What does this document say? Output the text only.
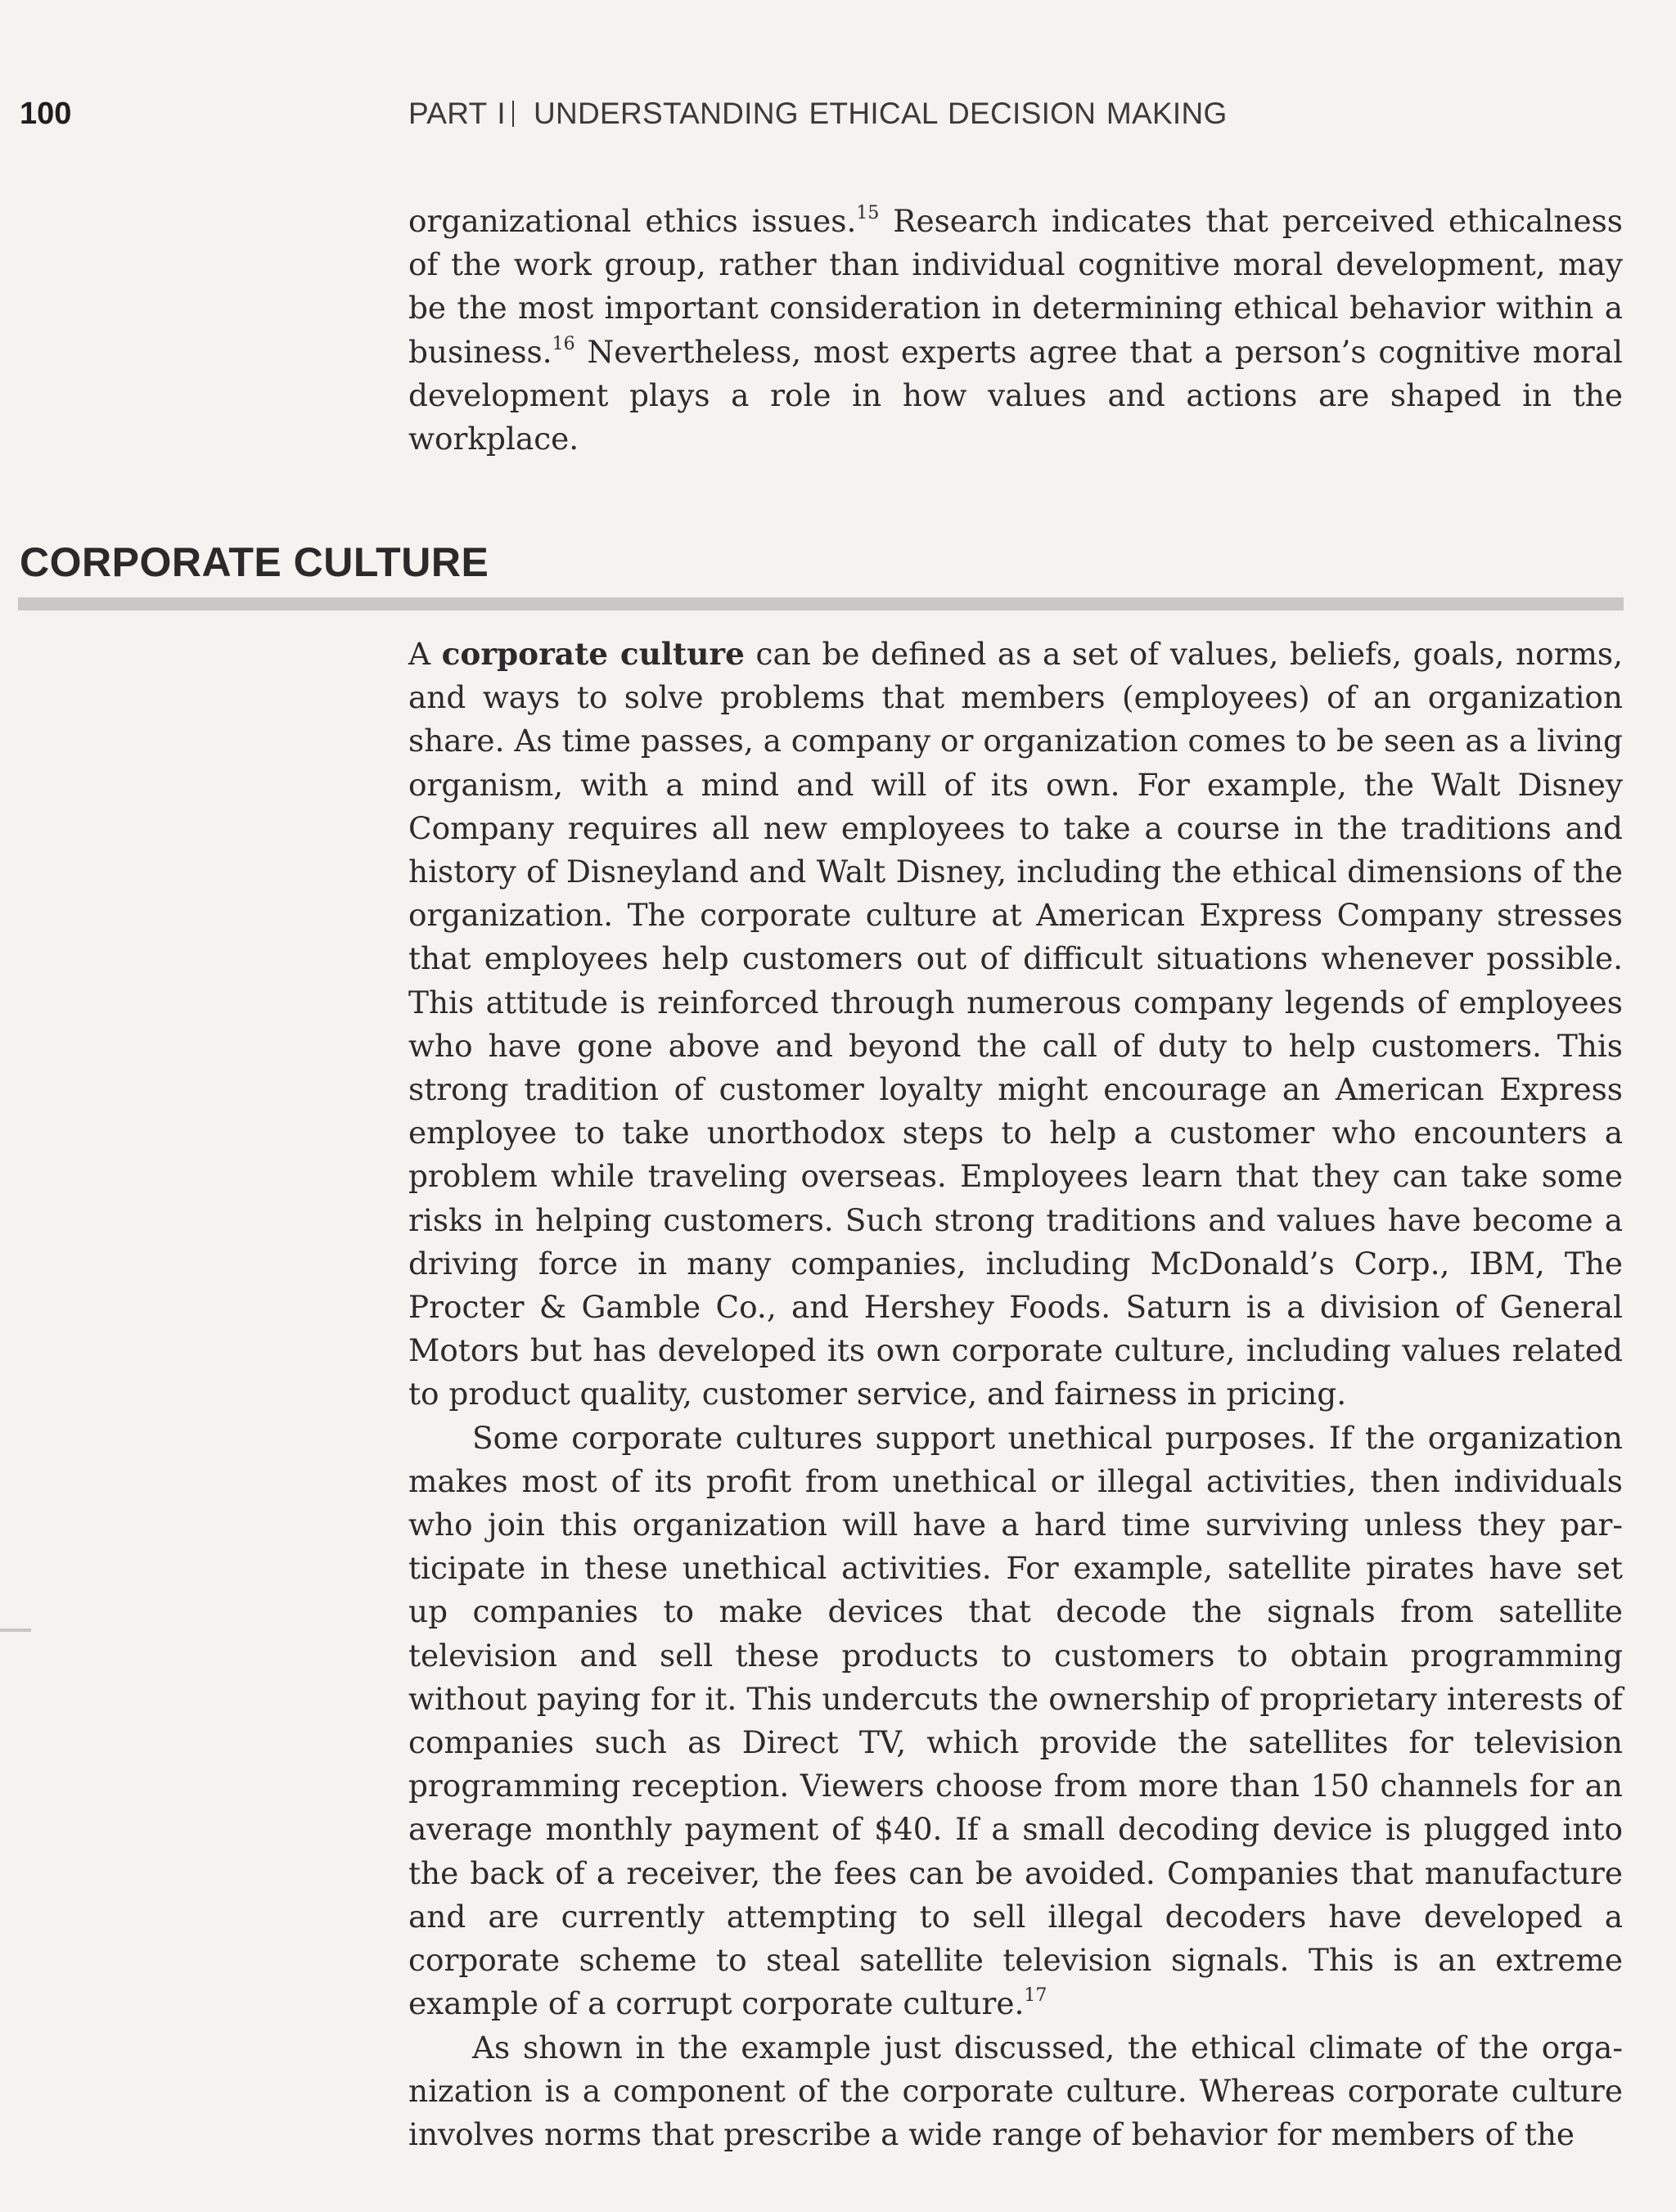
100	PART I UNDERSTANDING ETHICAL DECISION MAKING

organizational ethics issues.$^{15}$ Research indicates that perceived ethicalness of the work group, rather than individual cognitive moral development, may be the most important consideration in determining ethical behavior within a business.$^{16}$ Nevertheless, most experts agree that a person’s cognitive moral development plays a role in how values and actions are shaped in the workplace.

CORPORATE CULTURE

A corporate culture can be defined as a set of values, beliefs, goals, norms, and ways to solve problems that members (employees) of an organization share. As time passes, a company or organization comes to be seen as a living organism, with a mind and will of its own. For example, the Walt Disney Company requires all new employees to take a course in the traditions and history of Disneyland and Walt Disney, including the ethical dimensions of the organization. The corporate culture at American Express Company stresses that employees help customers out of difficult situations whenever possible. This attitude is reinforced through numerous company legends of employees who have gone above and beyond the call of duty to help customers. This strong tradition of customer loyalty might encourage an American Express employee to take unorthodox steps to help a customer who encounters a problem while traveling overseas. Employees learn that they can take some risks in helping customers. Such strong traditions and values have become a driving force in many companies, including McDonald’s Corp., IBM, The Procter & Gamble Co., and Hershey Foods. Saturn is a division of General Motors but has developed its own corporate culture, including values related to product quality, customer service, and fairness in pricing.

Some corporate cultures support unethical purposes. If the organization makes most of its profit from unethical or illegal activities, then individuals who join this organization will have a hard time surviving unless they participate in these unethical activities. For example, satellite pirates have set up companies to make devices that decode the signals from satellite television and sell these products to customers to obtain programming without paying for it. This undercuts the ownership of proprietary interests of companies such as Direct TV, which provide the satellites for television programming reception. Viewers choose from more than 150 channels for an average monthly payment of $40. If a small decoding device is plugged into the back of a receiver, the fees can be avoided. Companies that manufacture and are currently attempting to sell illegal decoders have developed a corporate scheme to steal satellite television signals. This is an extreme example of a corrupt corporate culture.$^{17}$

As shown in the example just discussed, the ethical climate of the organization is a component of the corporate culture. Whereas corporate culture involves norms that prescribe a wide range of behavior for members of the
